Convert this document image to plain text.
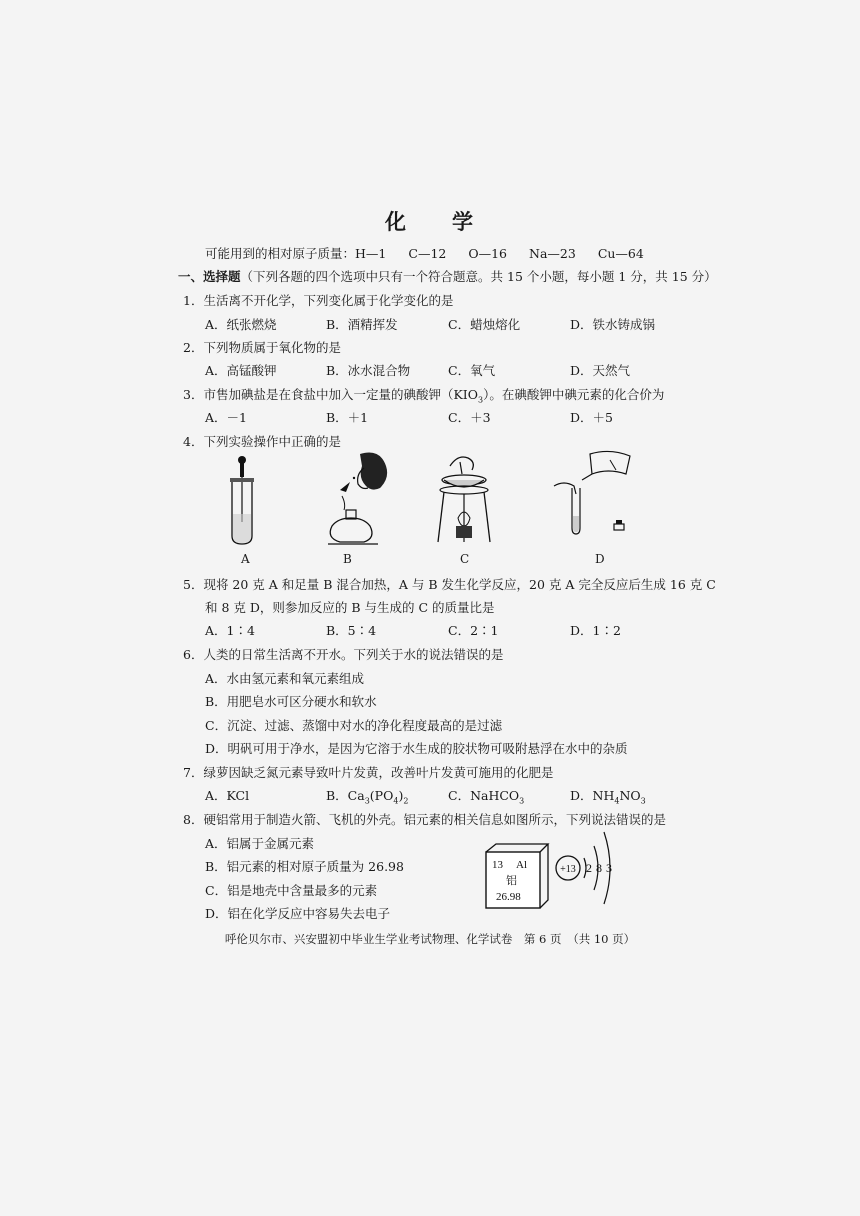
化 学
可能用到的相对原子质量：H—1 C—12 O—16 Na—23 Cu—64
一、选择题（下列各题的四个选项中只有一个符合题意。共 15 个小题，每小题 1 分，共 15 分）
1．生活离不开化学，下列变化属于化学变化的是
A．纸张燃烧	B．酒精挥发	C．蜡烛熔化	D．铁水铸成锅
2．下列物质属于氧化物的是
A．高锰酸钾	B．冰水混合物	C．氧气	D．天然气
3．市售加碘盐是在食盐中加入一定量的碘酸钾$(KIO_3)$。在碘酸钾中碘元素的化合价为
A．－1	B．＋1	C．＋3	D．＋5
4．下列实验操作中正确的是
A	B	C	D
5．现将 20 克 A 和足量 B 混合加热，A 与 B 发生化学反应，20 克 A 完全反应后生成 16 克 C
和 8 克 D，则参加反应的 B 与生成的 C 的质量比是
A．1∶4	B．5∶4	C．2∶1	D．1∶2
6．人类的日常生活离不开水。下列关于水的说法错误的是
A．水由氢元素和氧元素组成
B．用肥皂水可区分硬水和软水
C．沉淀、过滤、蒸馏中对水的净化程度最高的是过滤
D．明矾可用于净水，是因为它溶于水生成的胶状物可吸附悬浮在水中的杂质
7．绿萝因缺乏氮元素导致叶片发黄，改善叶片发黄可施用的化肥是
A．KCl	B．$Ca_3(PO_4)_2$	C．NaHCO$_3$	D．$NH_4NO_3$
8．硬铝常用于制造火箭、飞机的外壳。铝元素的相关信息如图所示，下列说法错误的是
A．铝属于金属元素
B．铝元素的相对原子质量为 26.98
C．铝是地壳中含量最多的元素
D．铝在化学反应中容易失去电子
13 Al
铝
26.98
+13 2 8 3
呼伦贝尔市、兴安盟初中毕业生学业考试物理、化学试卷　第 6 页　（共 10 页）
